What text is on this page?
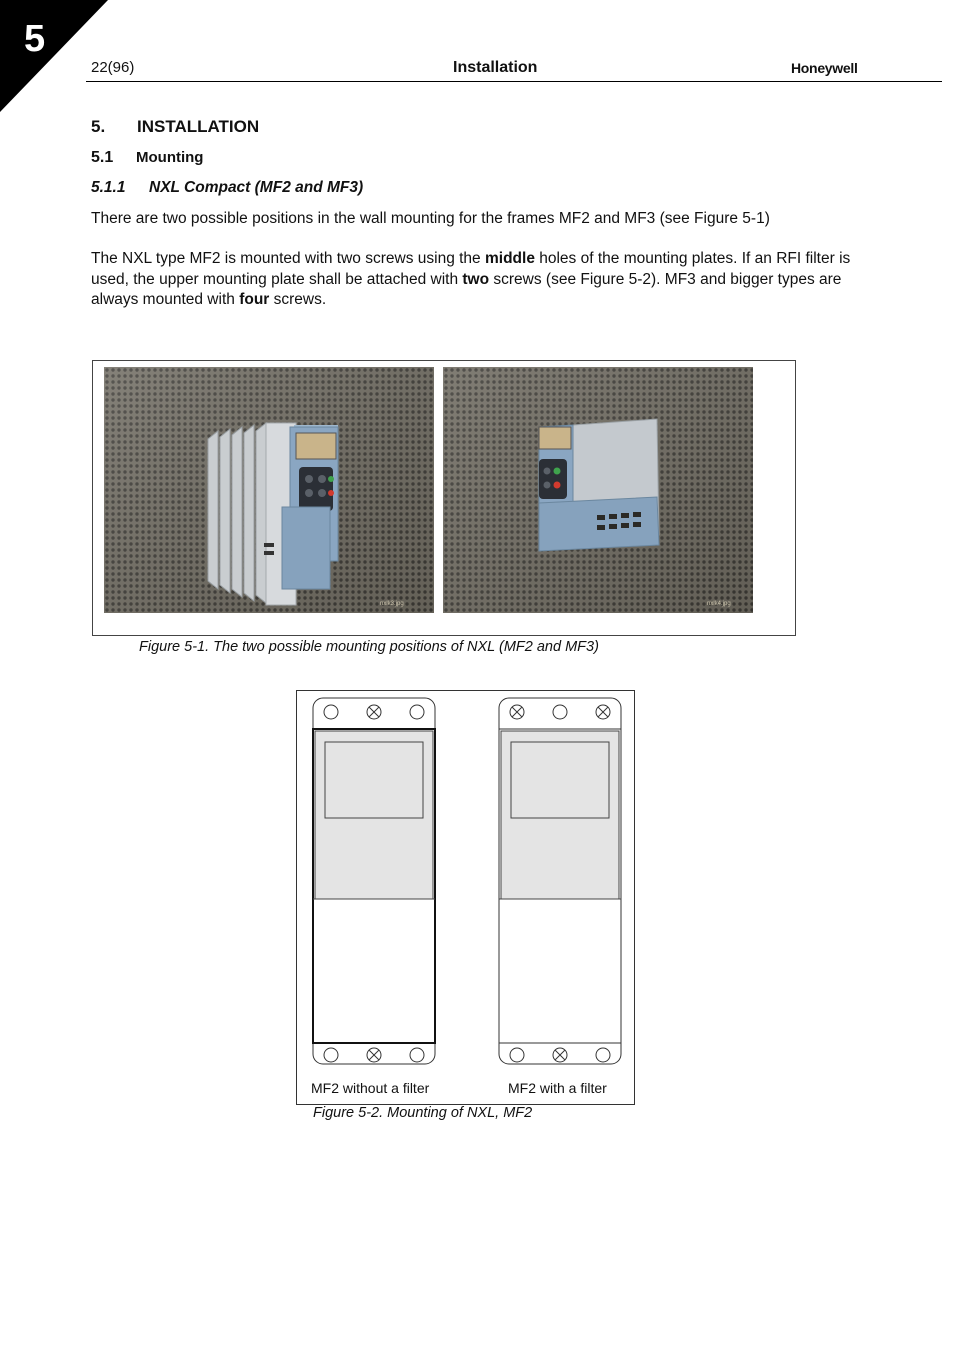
5
22(96)	Installation	Honeywell
5. INSTALLATION
5.1 Mounting
5.1.1 NXL Compact (MF2 and MF3)
There are two possible positions in the wall mounting for the frames MF2 and MF3 (see Figure 5-1)
The NXL type MF2 is mounted with two screws using the middle holes of the mounting plates. If an RFI filter is used, the upper mounting plate shall be attached with two screws (see Figure 5-2). MF3 and bigger types are always mounted with four screws.
nxlk3.jpg	nxlk4.jpg
Figure 5-1. The two possible mounting positions of NXL (MF2 and MF3)
MF2 without a filter	MF2 with a filter
Figure 5-2. Mounting of NXL, MF2
